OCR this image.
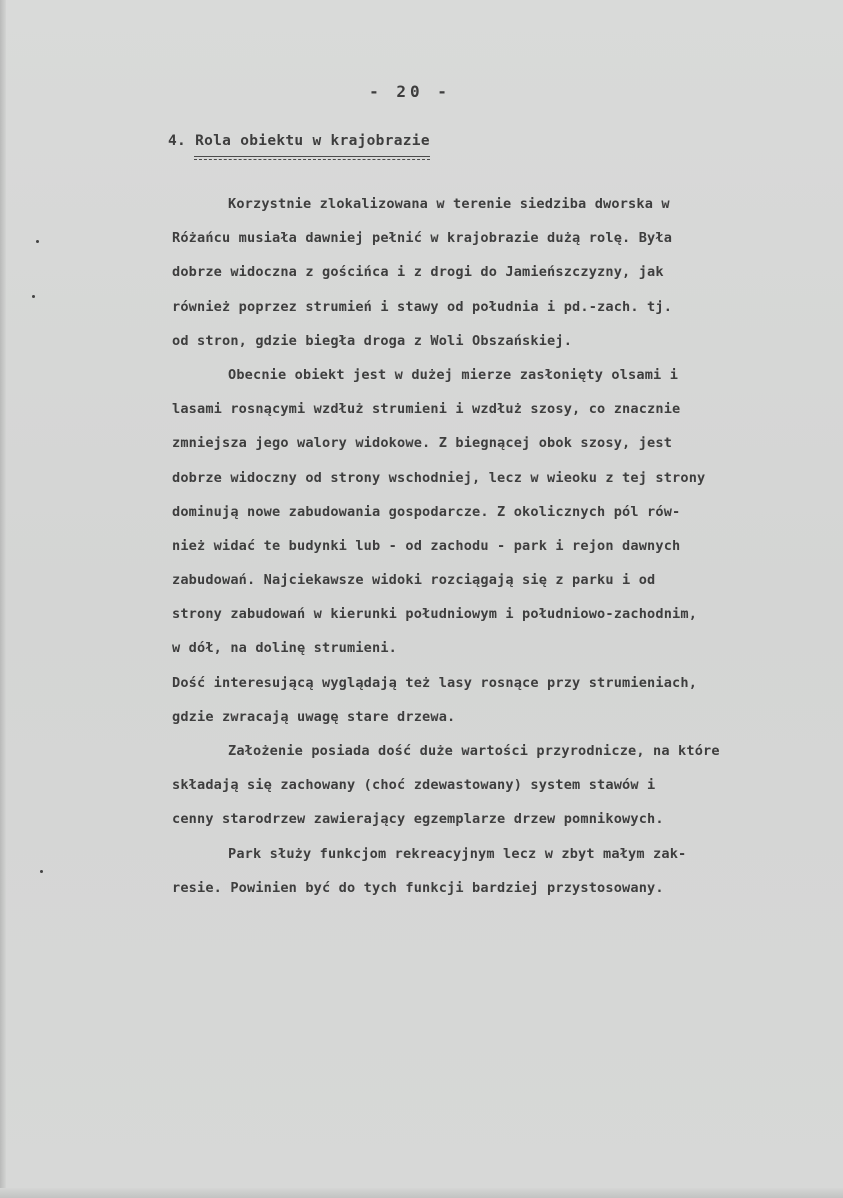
- 20 -
4. Rola obiektu w krajobrazie
Korzystnie zlokalizowana w terenie siedziba dworska w
Różańcu musiała dawniej pełnić w krajobrazie dużą rolę. Była
dobrze widoczna z gościńca i z drogi do Jamieńszczyzny, jak
również poprzez strumień i stawy od południa i pd.-zach. tj.
od stron, gdzie biegła droga z Woli Obszańskiej.
Obecnie obiekt jest w dużej mierze zasłonięty olsami i
lasami rosnącymi wzdłuż strumieni i wzdłuż szosy, co znacznie
zmniejsza jego walory widokowe. Z biegnącej obok szosy, jest
dobrze widoczny od strony wschodniej, lecz w wieoku z tej strony
dominują nowe zabudowania gospodarcze. Z okolicznych pól rów-
nież widać te budynki lub - od zachodu - park i rejon dawnych
zabudowań. Najciekawsze widoki rozciągają się z parku i od
strony zabudowań w kierunki południowym i południowo-zachodnim,
w dół, na dolinę strumieni.
Dość interesującą wyglądają też lasy rosnące przy strumieniach,
gdzie zwracają uwagę stare drzewa.
Założenie posiada dość duże wartości przyrodnicze, na które
składają się zachowany (choć zdewastowany) system stawów i
cenny starodrzew zawierający egzemplarze drzew pomnikowych.
Park służy funkcjom rekreacyjnym lecz w zbyt małym zak-
resie. Powinien być do tych funkcji bardziej przystosowany.
